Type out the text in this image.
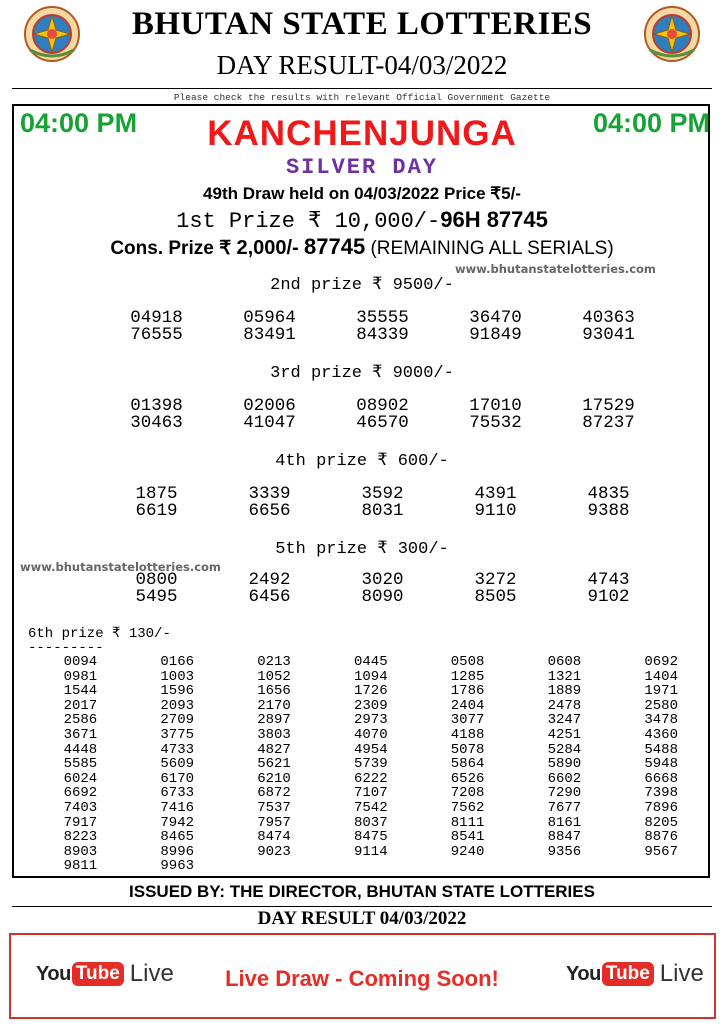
BHUTAN STATE LOTTERIES
DAY RESULT-04/03/2022
Please check the results with relevant Official Government Gazette
04:00 PM	04:00 PM
KANCHENJUNGA
SILVER DAY
49th Draw held on 04/03/2022 Price ₹5/-
1st Prize ₹ 10,000/-96H 87745
Cons. Prize ₹ 2,000/- 87745 (REMAINING ALL SERIALS)
www.bhutanstatelotteries.com
www.bhutanstatelotteries.com
2nd prize ₹ 9500/-
04918	05964	35555	36470	40363
76555	83491	84339	91849	93041
3rd prize ₹ 9000/-
01398	02006	08902	17010	17529
30463	41047	46570	75532	87237
4th prize ₹ 600/-
1875	3339	3592	4391	4835
6619	6656	8031	9110	9388
5th prize ₹ 300/-
0800	2492	3020	3272	4743
5495	6456	8090	8505	9102
6th prize ₹ 130/-
---------
0094	0166	0213	0445	0508	0608	0692
0981	1003	1052	1094	1285	1321	1404
1544	1596	1656	1726	1786	1889	1971
2017	2093	2170	2309	2404	2478	2580
2586	2709	2897	2973	3077	3247	3478
3671	3775	3803	4070	4188	4251	4360
4448	4733	4827	4954	5078	5284	5488
5585	5609	5621	5739	5864	5890	5948
6024	6170	6210	6222	6526	6602	6668
6692	6733	6872	7107	7208	7290	7398
7403	7416	7537	7542	7562	7677	7896
7917	7942	7957	8037	8111	8161	8205
8223	8465	8474	8475	8541	8847	8876
8903	8996	9023	9114	9240	9356	9567
9811	9963
ISSUED BY: THE DIRECTOR, BHUTAN STATE LOTTERIES
DAY RESULT 04/03/2022
You Tube Live	Live Draw - Coming Soon!	You Tube Live
